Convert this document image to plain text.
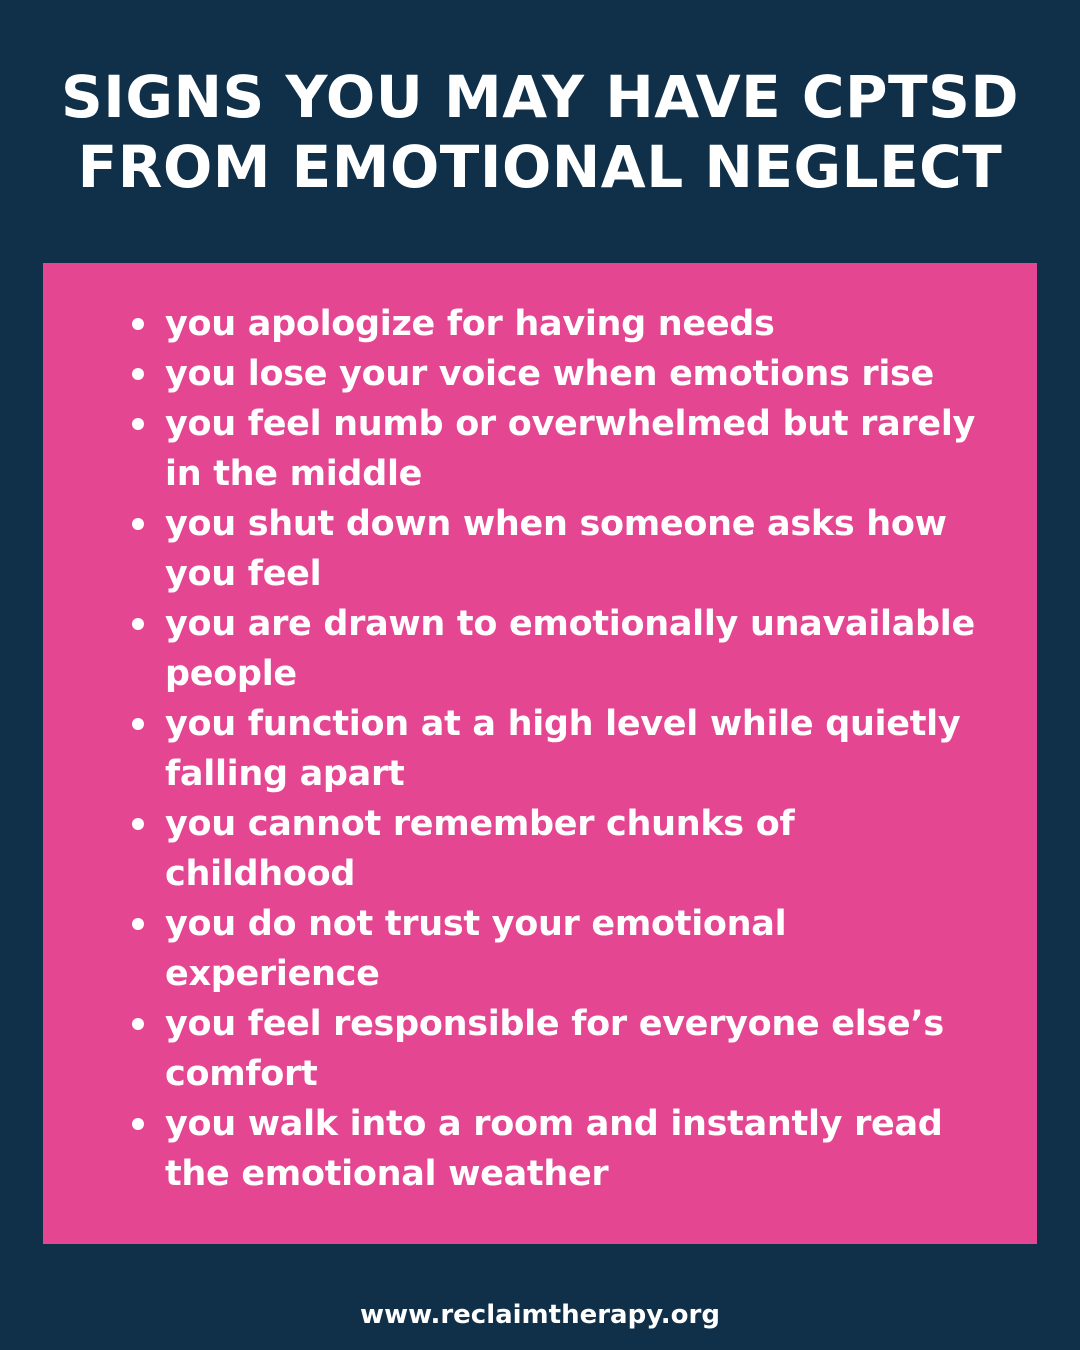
SIGNS YOU MAY HAVE CPTSD
FROM EMOTIONAL NEGLECT
you apologize for having needs
you lose your voice when emotions rise
you feel numb or overwhelmed but rarely in the middle
you shut down when someone asks how you feel
you are drawn to emotionally unavailable people
you function at a high level while quietly falling apart
you cannot remember chunks of childhood
you do not trust your emotional experience
you feel responsible for everyone else’s comfort
you walk into a room and instantly read the emotional weather
www.reclaimtherapy.org
